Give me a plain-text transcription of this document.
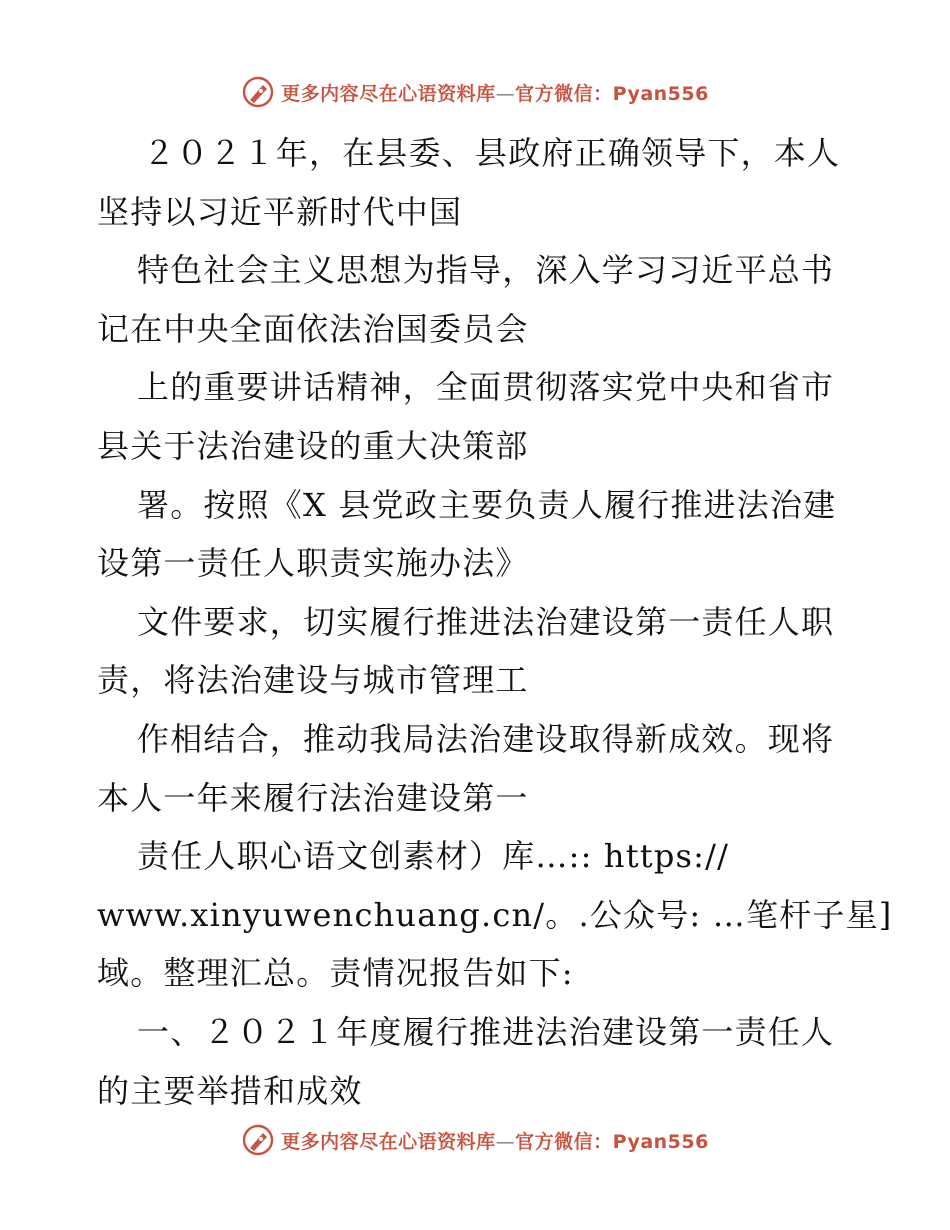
更多内容尽在心语资料库—官方微信：Pyan556
２０２１年，在县委、县政府正确领导下，本人
坚持以习近平新时代中国
特色社会主义思想为指导，深入学习习近平总书
记在中央全面依法治国委员会
上的重要讲话精神，全面贯彻落实党中央和省市
县关于法治建设的重大决策部
署。按照《X 县党政主要负责人履行推进法治建
设第一责任人职责实施办法》
文件要求，切实履行推进法治建设第一责任人职
责，将法治建设与城市管理工
作相结合，推动我局法治建设取得新成效。现将
本人一年来履行法治建设第一
责任人职心语文创素材）库…:: https://
www.xinyuwenchuang.cn/。.公众号: …笔杆子星]
域。整理汇总。责情况报告如下:
一、２０２１年度履行推进法治建设第一责任人
的主要举措和成效
更多内容尽在心语资料库—官方微信：Pyan556
